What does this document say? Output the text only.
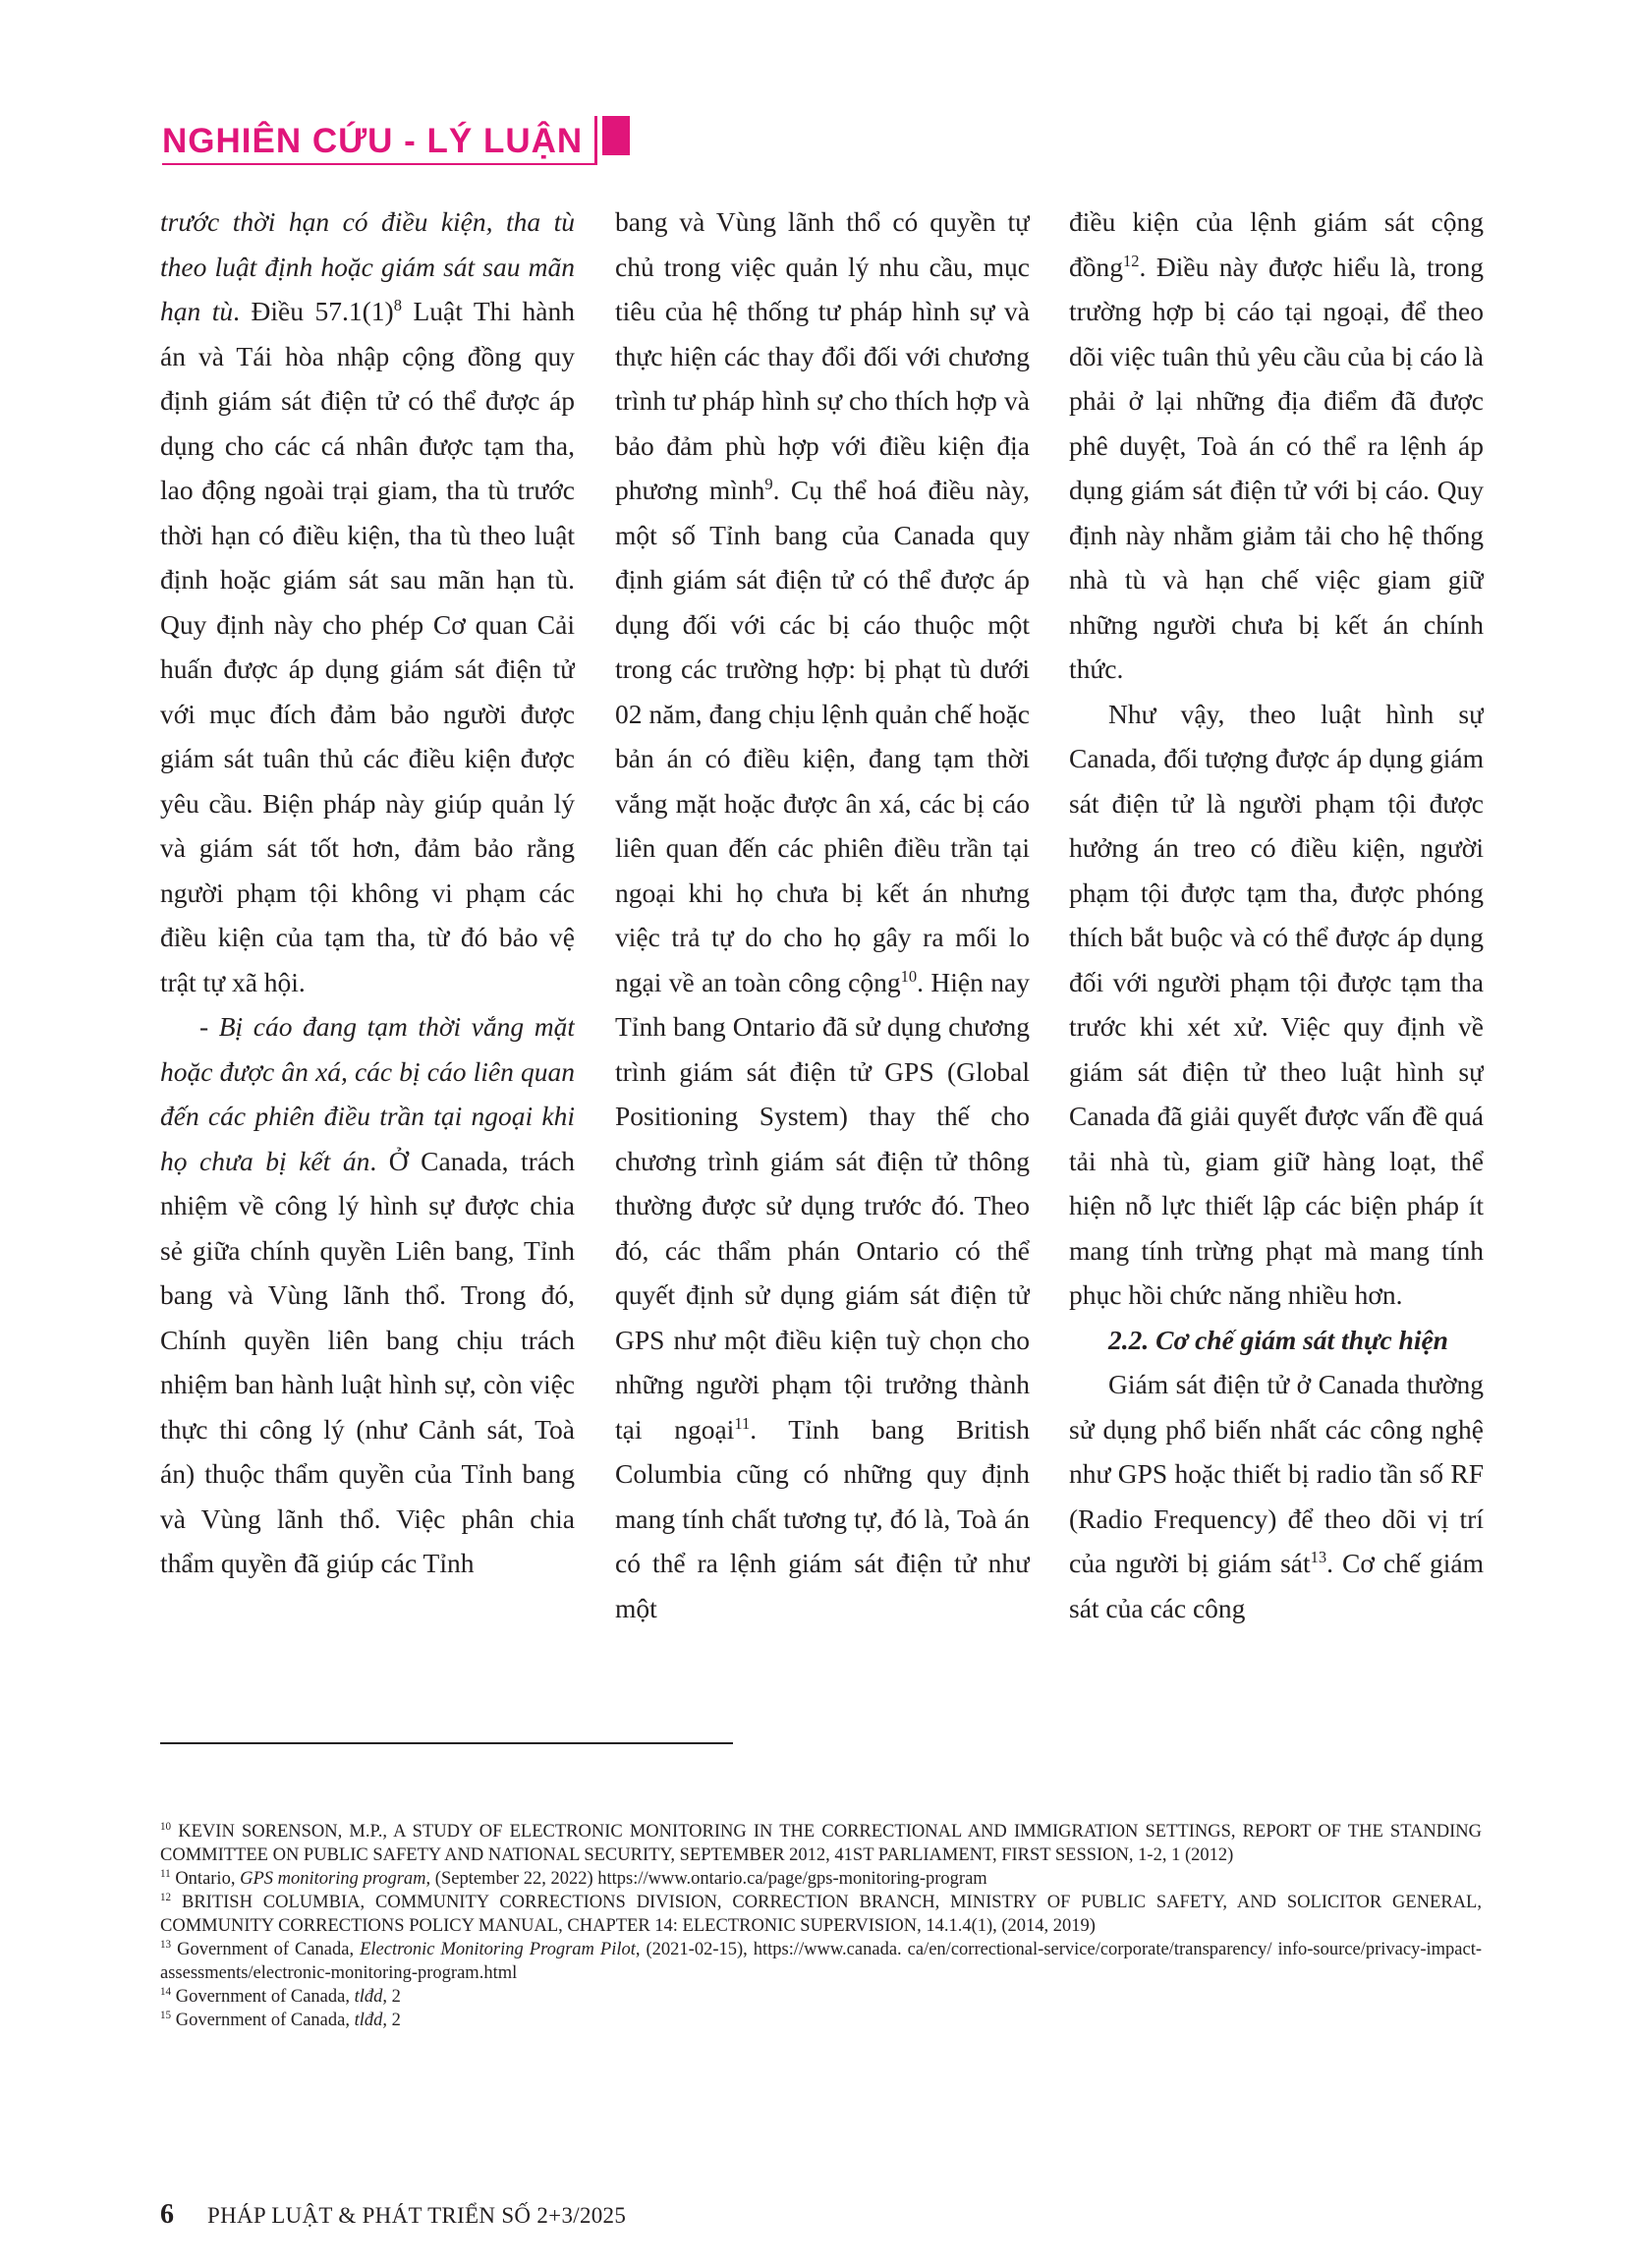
NGHIÊN CỨU - LÝ LUẬN

trước thời hạn có điều kiện, tha tù theo luật định hoặc giám sát sau mãn hạn tù. Điều $57.1(1)^8$ Luật Thi hành án và Tái hòa nhập cộng đồng quy định giám sát điện tử có thể được áp dụng cho các cá nhân được tạm tha, lao động ngoài trại giam, tha tù trước thời hạn có điều kiện, tha tù theo luật định hoặc giám sát sau mãn hạn tù. Quy định này cho phép Cơ quan Cải huấn được áp dụng giám sát điện tử với mục đích đảm bảo người được giám sát tuân thủ các điều kiện được yêu cầu. Biện pháp này giúp quản lý và giám sát tốt hơn, đảm bảo rằng người phạm tội không vi phạm các điều kiện của tạm tha, từ đó bảo vệ trật tự xã hội.

- Bị cáo đang tạm thời vắng mặt hoặc được ân xá, các bị cáo liên quan đến các phiên điều trần tại ngoại khi họ chưa bị kết án. Ở Canada, trách nhiệm về công lý hình sự được chia sẻ giữa chính quyền Liên bang, Tỉnh bang và Vùng lãnh thổ. Trong đó, Chính quyền liên bang chịu trách nhiệm ban hành luật hình sự, còn việc thực thi công lý (như Cảnh sát, Toà án) thuộc thẩm quyền của Tỉnh bang và Vùng lãnh thổ. Việc phân chia thẩm quyền đã giúp các Tỉnh

bang và Vùng lãnh thổ có quyền tự chủ trong việc quản lý nhu cầu, mục tiêu của hệ thống tư pháp hình sự và thực hiện các thay đổi đối với chương trình tư pháp hình sự cho thích hợp và bảo đảm phù hợp với điều kiện địa phương mình$^9$. Cụ thể hoá điều này, một số Tỉnh bang của Canada quy định giám sát điện tử có thể được áp dụng đối với các bị cáo thuộc một trong các trường hợp: bị phạt tù dưới 02 năm, đang chịu lệnh quản chế hoặc bản án có điều kiện, đang tạm thời vắng mặt hoặc được ân xá, các bị cáo liên quan đến các phiên điều trần tại ngoại khi họ chưa bị kết án nhưng việc trả tự do cho họ gây ra mối lo ngại về an toàn công cộng$^{10}$. Hiện nay Tỉnh bang Ontario đã sử dụng chương trình giám sát điện tử GPS (Global Positioning System) thay thế cho chương trình giám sát điện tử thông thường được sử dụng trước đó. Theo đó, các thẩm phán Ontario có thể quyết định sử dụng giám sát điện tử GPS như một điều kiện tuỳ chọn cho những người phạm tội trưởng thành tại ngoại$^{11}$. Tỉnh bang British Columbia cũng có những quy định mang tính chất tương tự, đó là, Toà án có thể ra lệnh giám sát điện tử như một

điều kiện của lệnh giám sát cộng đồng$^{12}$. Điều này được hiểu là, trong trường hợp bị cáo tại ngoại, để theo dõi việc tuân thủ yêu cầu của bị cáo là phải ở lại những địa điểm đã được phê duyệt, Toà án có thể ra lệnh áp dụng giám sát điện tử với bị cáo. Quy định này nhằm giảm tải cho hệ thống nhà tù và hạn chế việc giam giữ những người chưa bị kết án chính thức.

Như vậy, theo luật hình sự Canada, đối tượng được áp dụng giám sát điện tử là người phạm tội được hưởng án treo có điều kiện, người phạm tội được tạm tha, được phóng thích bắt buộc và có thể được áp dụng đối với người phạm tội được tạm tha trước khi xét xử. Việc quy định về giám sát điện tử theo luật hình sự Canada đã giải quyết được vấn đề quá tải nhà tù, giam giữ hàng loạt, thể hiện nỗ lực thiết lập các biện pháp ít mang tính trừng phạt mà mang tính phục hồi chức năng nhiều hơn.

2.2. Cơ chế giám sát thực hiện

Giám sát điện tử ở Canada thường sử dụng phổ biến nhất các công nghệ như GPS hoặc thiết bị radio tần số RF (Radio Frequency) để theo dõi vị trí của người bị giám sát$^{13}$. Cơ chế giám sát của các công

$^{10}$ KEVIN SORENSON, M.P., A STUDY OF ELECTRONIC MONITORING IN THE CORRECTIONAL AND IMMIGRATION SETTINGS, REPORT OF THE STANDING COMMITTEE ON PUBLIC SAFETY AND NATIONAL SECURITY, SEPTEMBER 2012, 41ST PARLIAMENT, FIRST SESSION, 1-2, 1 (2012)

$^{11}$ Ontario, GPS monitoring program, (September 22, 2022) https://www.ontario.ca/page/gps-monitoring-program

$^{12}$ BRITISH COLUMBIA, COMMUNITY CORRECTIONS DIVISION, CORRECTION BRANCH, MINISTRY OF PUBLIC SAFETY, AND SOLICITOR GENERAL, COMMUNITY CORRECTIONS POLICY MANUAL, CHAPTER 14: ELECTRONIC SUPERVISION, 14.1.4(1), (2014, 2019)

$^{13}$ Government of Canada, Electronic Monitoring Program Pilot, (2021-02-15), https://www.canada. ca/en/correctional-service/corporate/transparency/ info-source/privacy-impact-assessments/electronic-monitoring-program.html

$^{14}$ Government of Canada, tlđd, 2

$^{15}$ Government of Canada, tlđd, 2

6 PHÁP LUẬT & PHÁT TRIỂN SỐ 2+3/2025
